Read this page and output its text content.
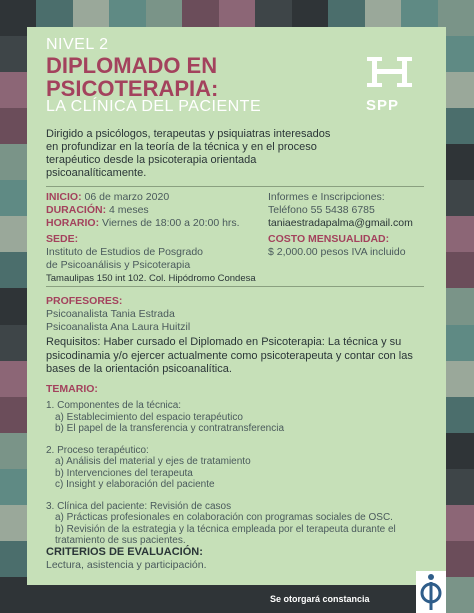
SPP
NIVEL 2
DIPLOMADO EN
PSICOTERAPIA:
LA CLÍNICA DEL PACIENTE
Dirigido a psicólogos, terapeutas y psiquiatras interesados en profundizar en la teoría de la técnica y en el proceso terapéutico desde la psicoterapia orientada psicoanalíticamente.
INICIO: 06 de marzo 2020
DURACIÓN: 4 meses
HORARIO: Viernes de 18:00 a 20:00 hrs.
Informes e Inscripciones:
Teléfono 55 5438 6785
taniaestradapalma@gmail.com
SEDE:
Instituto de Estudios de Posgrado
de Psicoanálisis y Psicoterapia
Tamaulipas 150 int 102. Col. Hipódromo Condesa
COSTO MENSUALIDAD:
$ 2,000.00 pesos IVA incluido
PROFESORES:
Psicoanalista Tania Estrada
Psicoanalista Ana Laura Huitzil
Requisitos: Haber cursado el Diplomado en Psicoterapia: La técnica y su psicodinamia y/o ejercer actualmente como psicoterapeuta y contar con las bases de la orientación psicoanalítica.
TEMARIO:
1. Componentes de la técnica:
a) Establecimiento del espacio terapéutico
b) El papel de la transferencia y contratransferencia
2. Proceso terapéutico:
a) Análisis del material y ejes de tratamiento
b) Intervenciones del terapeuta
c) Insight y elaboración del paciente
3. Clínica del paciente: Revisión de casos
a) Prácticas profesionales en colaboración con programas sociales de OSC.
b) Revisión de la estrategia y la técnica empleada por el terapeuta durante el
tratamiento de sus pacientes.
CRITERIOS DE EVALUACIÓN:
Lectura, asistencia y participación.
Se otorgará constancia
